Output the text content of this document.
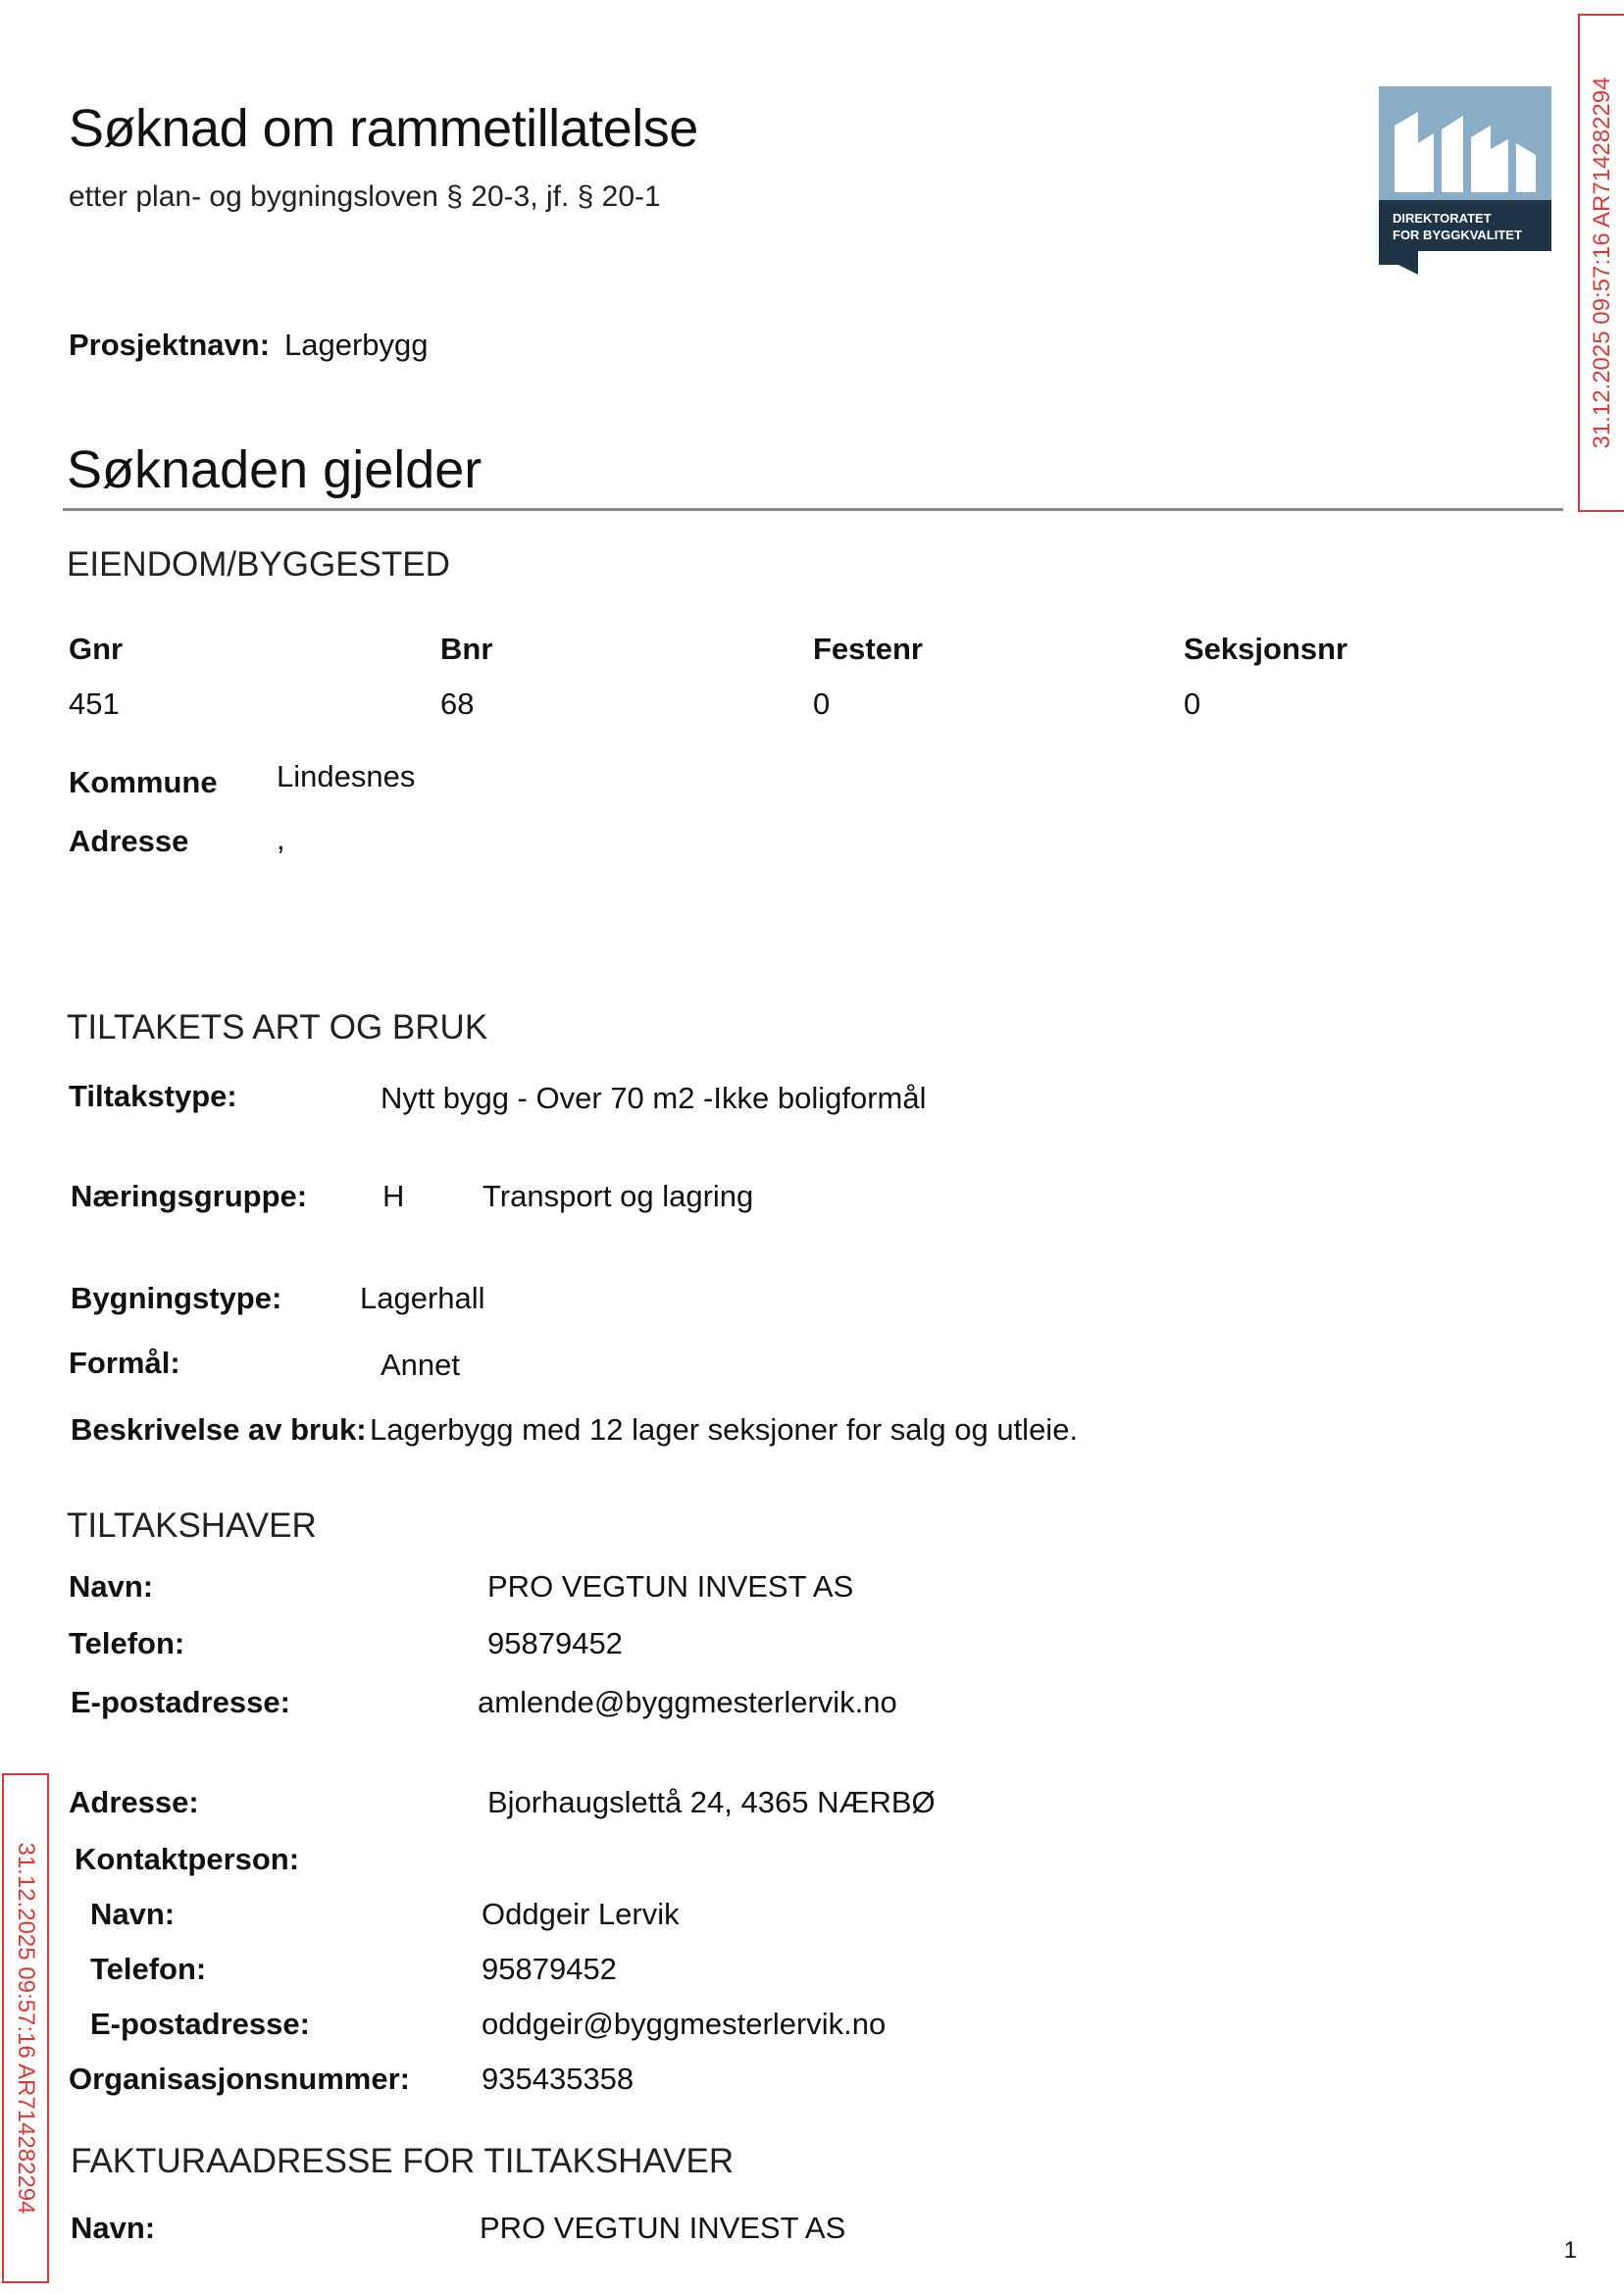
Søknad om rammetillatelse
etter plan- og bygningsloven § 20-3, jf. § 20-1
DIREKTORATET
FOR BYGGKVALITET	31.12.2025 09:57:16 AR714282294
31.12.2025 09:57:16 AR714282294
Prosjektnavn: Lagerbygg
Søknaden gjelder
EIENDOM/BYGGESTED
Gnr	Bnr	Festenr	Seksjonsnr
451	68	0	0
Kommune Lindesnes
Adresse	,
TILTAKETS ART OG BRUK
Tiltakstype:	Nytt bygg - Over 70 m2 -Ikke boligformål
Næringsgruppe: H	Transport og lagring
Bygningstype:	Lagerhall
Formål:	Annet
Beskrivelse av bruk: Lagerbygg med 12 lager seksjoner for salg og utleie.
TILTAKSHAVER
Navn:	PRO VEGTUN INVEST AS
Telefon:	95879452
E-postadresse:	amlende@byggmesterlervik.no
Adresse:	Bjorhaugslettå 24, 4365 NÆRBØ
Kontaktperson:
Navn:	Oddgeir Lervik
Telefon:	95879452
E-postadresse:	oddgeir@byggmesterlervik.no
Organisasjonsnummer: 935435358
FAKTURAADRESSE FOR TILTAKSHAVER
Navn:	PRO VEGTUN INVEST AS
1
